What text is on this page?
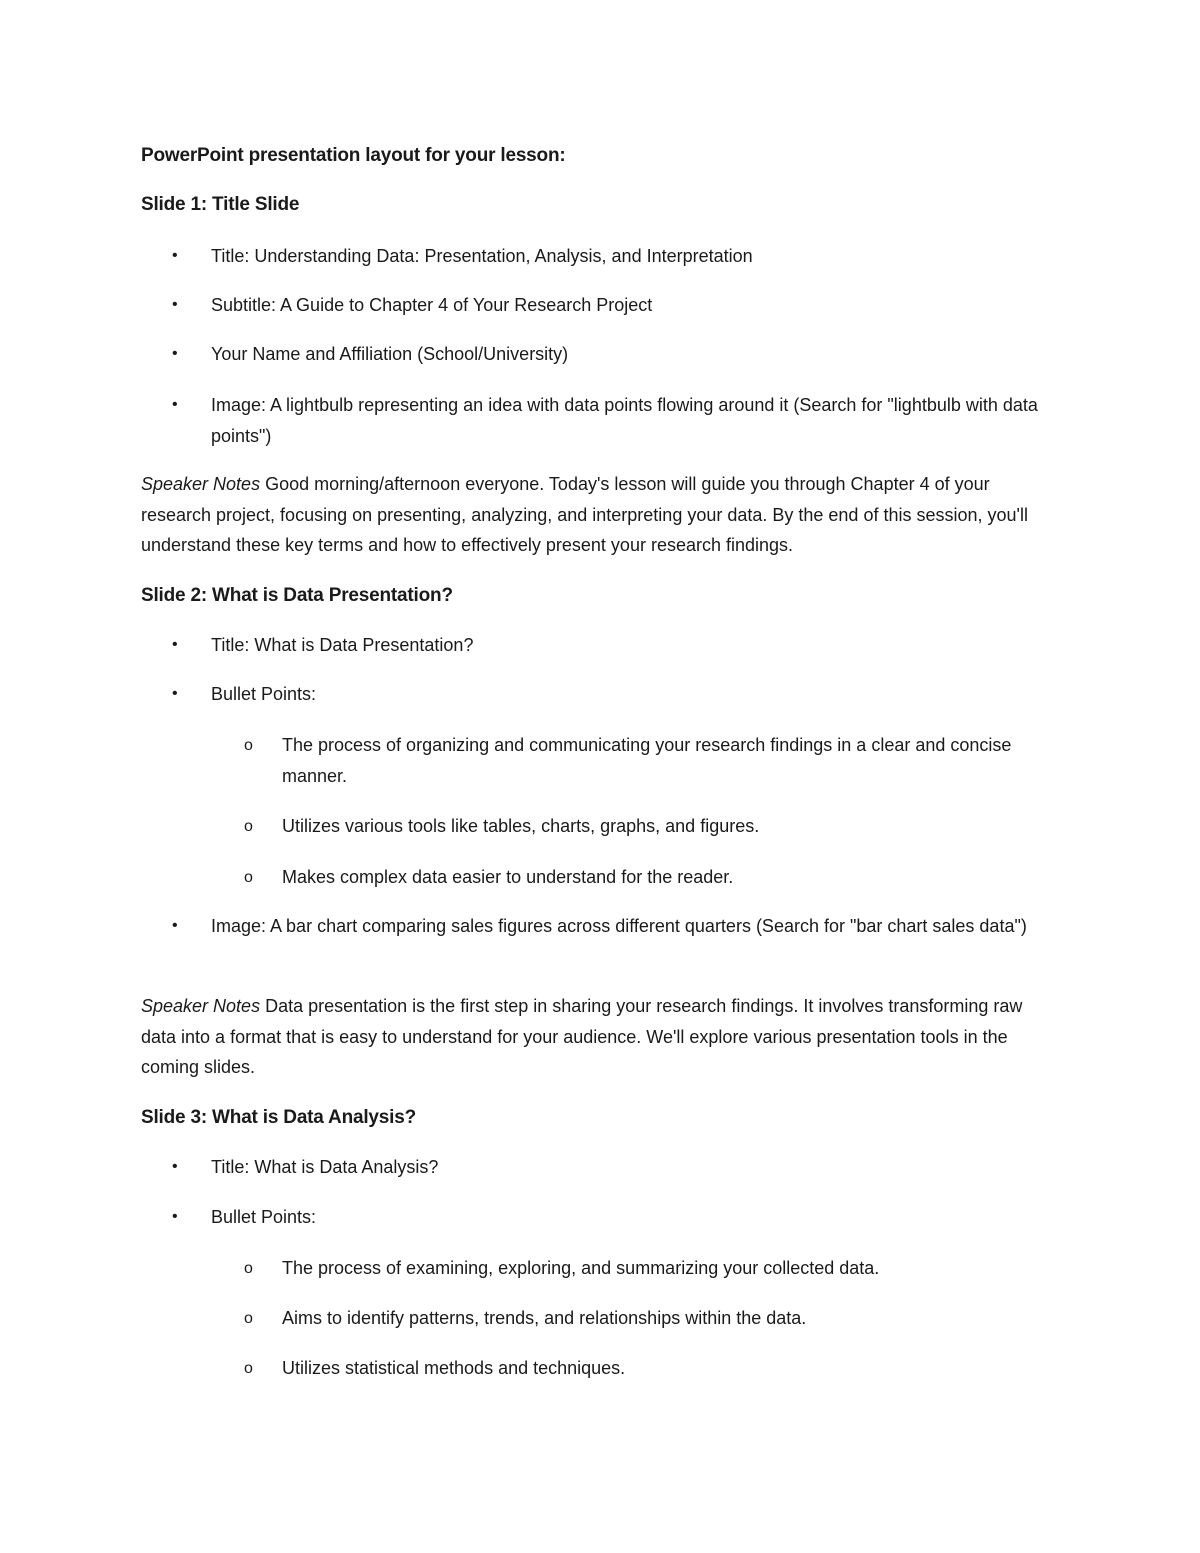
PowerPoint presentation layout for your lesson:
Slide 1: Title Slide
•	Title: Understanding Data: Presentation, Analysis, and Interpretation
•	Subtitle: A Guide to Chapter 4 of Your Research Project
•	Your Name and Affiliation (School/University)
•	Image: A lightbulb representing an idea with data points flowing around it (Search for "lightbulb with data points")

Speaker Notes Good morning/afternoon everyone. Today's lesson will guide you through Chapter 4 of your research project, focusing on presenting, analyzing, and interpreting your data. By the end of this session, you'll understand these key terms and how to effectively present your research findings.

Slide 2: What is Data Presentation?
•	Title: What is Data Presentation?
•	Bullet Points:
o	The process of organizing and communicating your research findings in a clear and concise manner.
o	Utilizes various tools like tables, charts, graphs, and figures.
o	Makes complex data easier to understand for the reader.
•	Image: A bar chart comparing sales figures across different quarters (Search for "bar chart sales data")

Speaker Notes Data presentation is the first step in sharing your research findings. It involves transforming raw data into a format that is easy to understand for your audience. We'll explore various presentation tools in the coming slides.

Slide 3: What is Data Analysis?
•	Title: What is Data Analysis?
•	Bullet Points:
o	The process of examining, exploring, and summarizing your collected data.
o	Aims to identify patterns, trends, and relationships within the data.
o	Utilizes statistical methods and techniques.
